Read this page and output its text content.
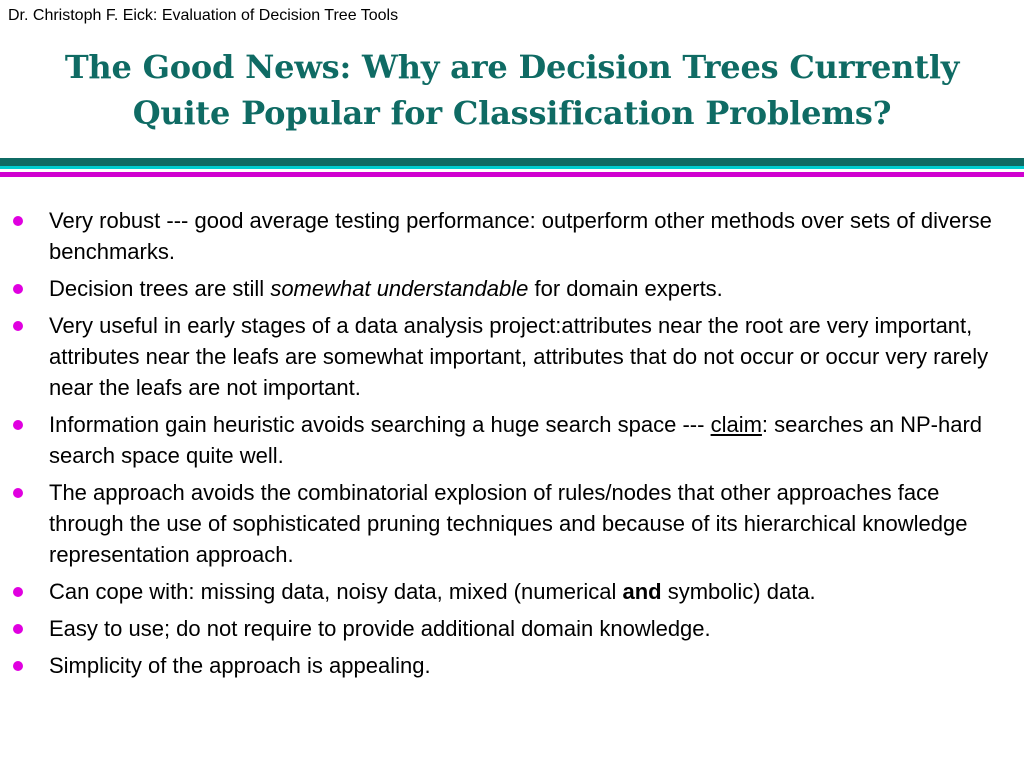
Dr. Christoph F. Eick: Evaluation of Decision Tree Tools
The Good News: Why are Decision Trees Currently
Quite Popular for Classification Problems?
Very robust --- good average testing performance: outperform other methods over sets of diverse benchmarks.
Decision trees are still somewhat understandable for domain experts.
Very useful in early stages of a data analysis project:attributes near the root are very important, attributes near the leafs are somewhat important, attributes that do not occur or occur very rarely near the leafs are not important.
Information gain heuristic avoids searching a huge search space --- claim: searches an NP-hard search space quite well.
The approach avoids the combinatorial explosion of rules/nodes that other approaches face through the use of sophisticated pruning techniques and because of its hierarchical knowledge representation approach.
Can cope with: missing data, noisy data, mixed (numerical and symbolic) data.
Easy to use; do not require to provide additional domain knowledge.
Simplicity of the approach is appealing.
